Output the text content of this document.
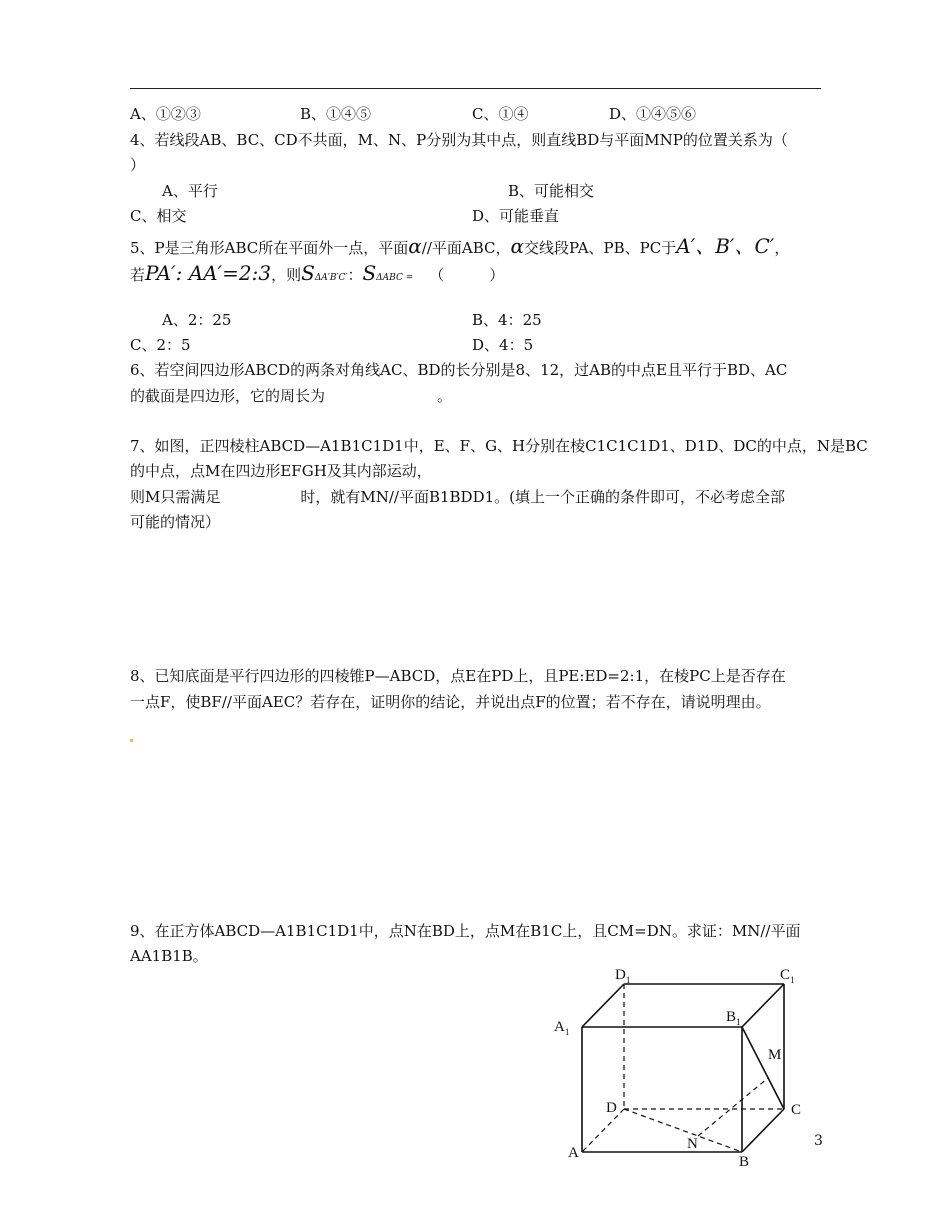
A、①②③	B、①④⑤	C、①④	D、①④⑤⑥
4、若线段AB、BC、CD不共面，M、N、P分别为其中点，则直线BD与平面MNP的位置关系为（
）
A、平行	B、可能相交
C、相交	D、可能垂直
5、P是三角形ABC所在平面外一点，平面α//平面ABC，α交线段PA、PB、PC于A′、B′、C′，
若PA′: AA′=2:3，则SΔA′B′C′：SΔABC = （　　　）
A、2：25	B、4：25
C、2：5	D、4：5
6、若空间四边形ABCD的两条对角线AC、BD的长分别是8、12，过AB的中点E且平行于BD、AC
的截面是四边形，它的周长为	。
7、如图，正四棱柱ABCD—A1B1C1D1中，E、F、G、H分别在棱C1C1C1D1、D1D、DC的中点，N是BC
的中点，点M在四边形EFGH及其内部运动，
则M只需满足	时，就有MN//平面B1BDD1。(填上一个正确的条件即可，不必考虑全部
可能的情况）
8、已知底面是平行四边形的四棱锥P—ABCD，点E在PD上，且PE:ED=2:1，在棱PC上是否存在
一点F，使BF//平面AEC？若存在，证明你的结论，并说出点F的位置；若不存在，请说明理由。
9、在正方体ABCD—A1B1C1D1中，点N在BD上，点M在B1C上，且CM=DN。求证：MN//平面
AA1B1B。
$D_1$	$C_1$
$A_1$
$B_1$
M
D	C
N
A
B
3
